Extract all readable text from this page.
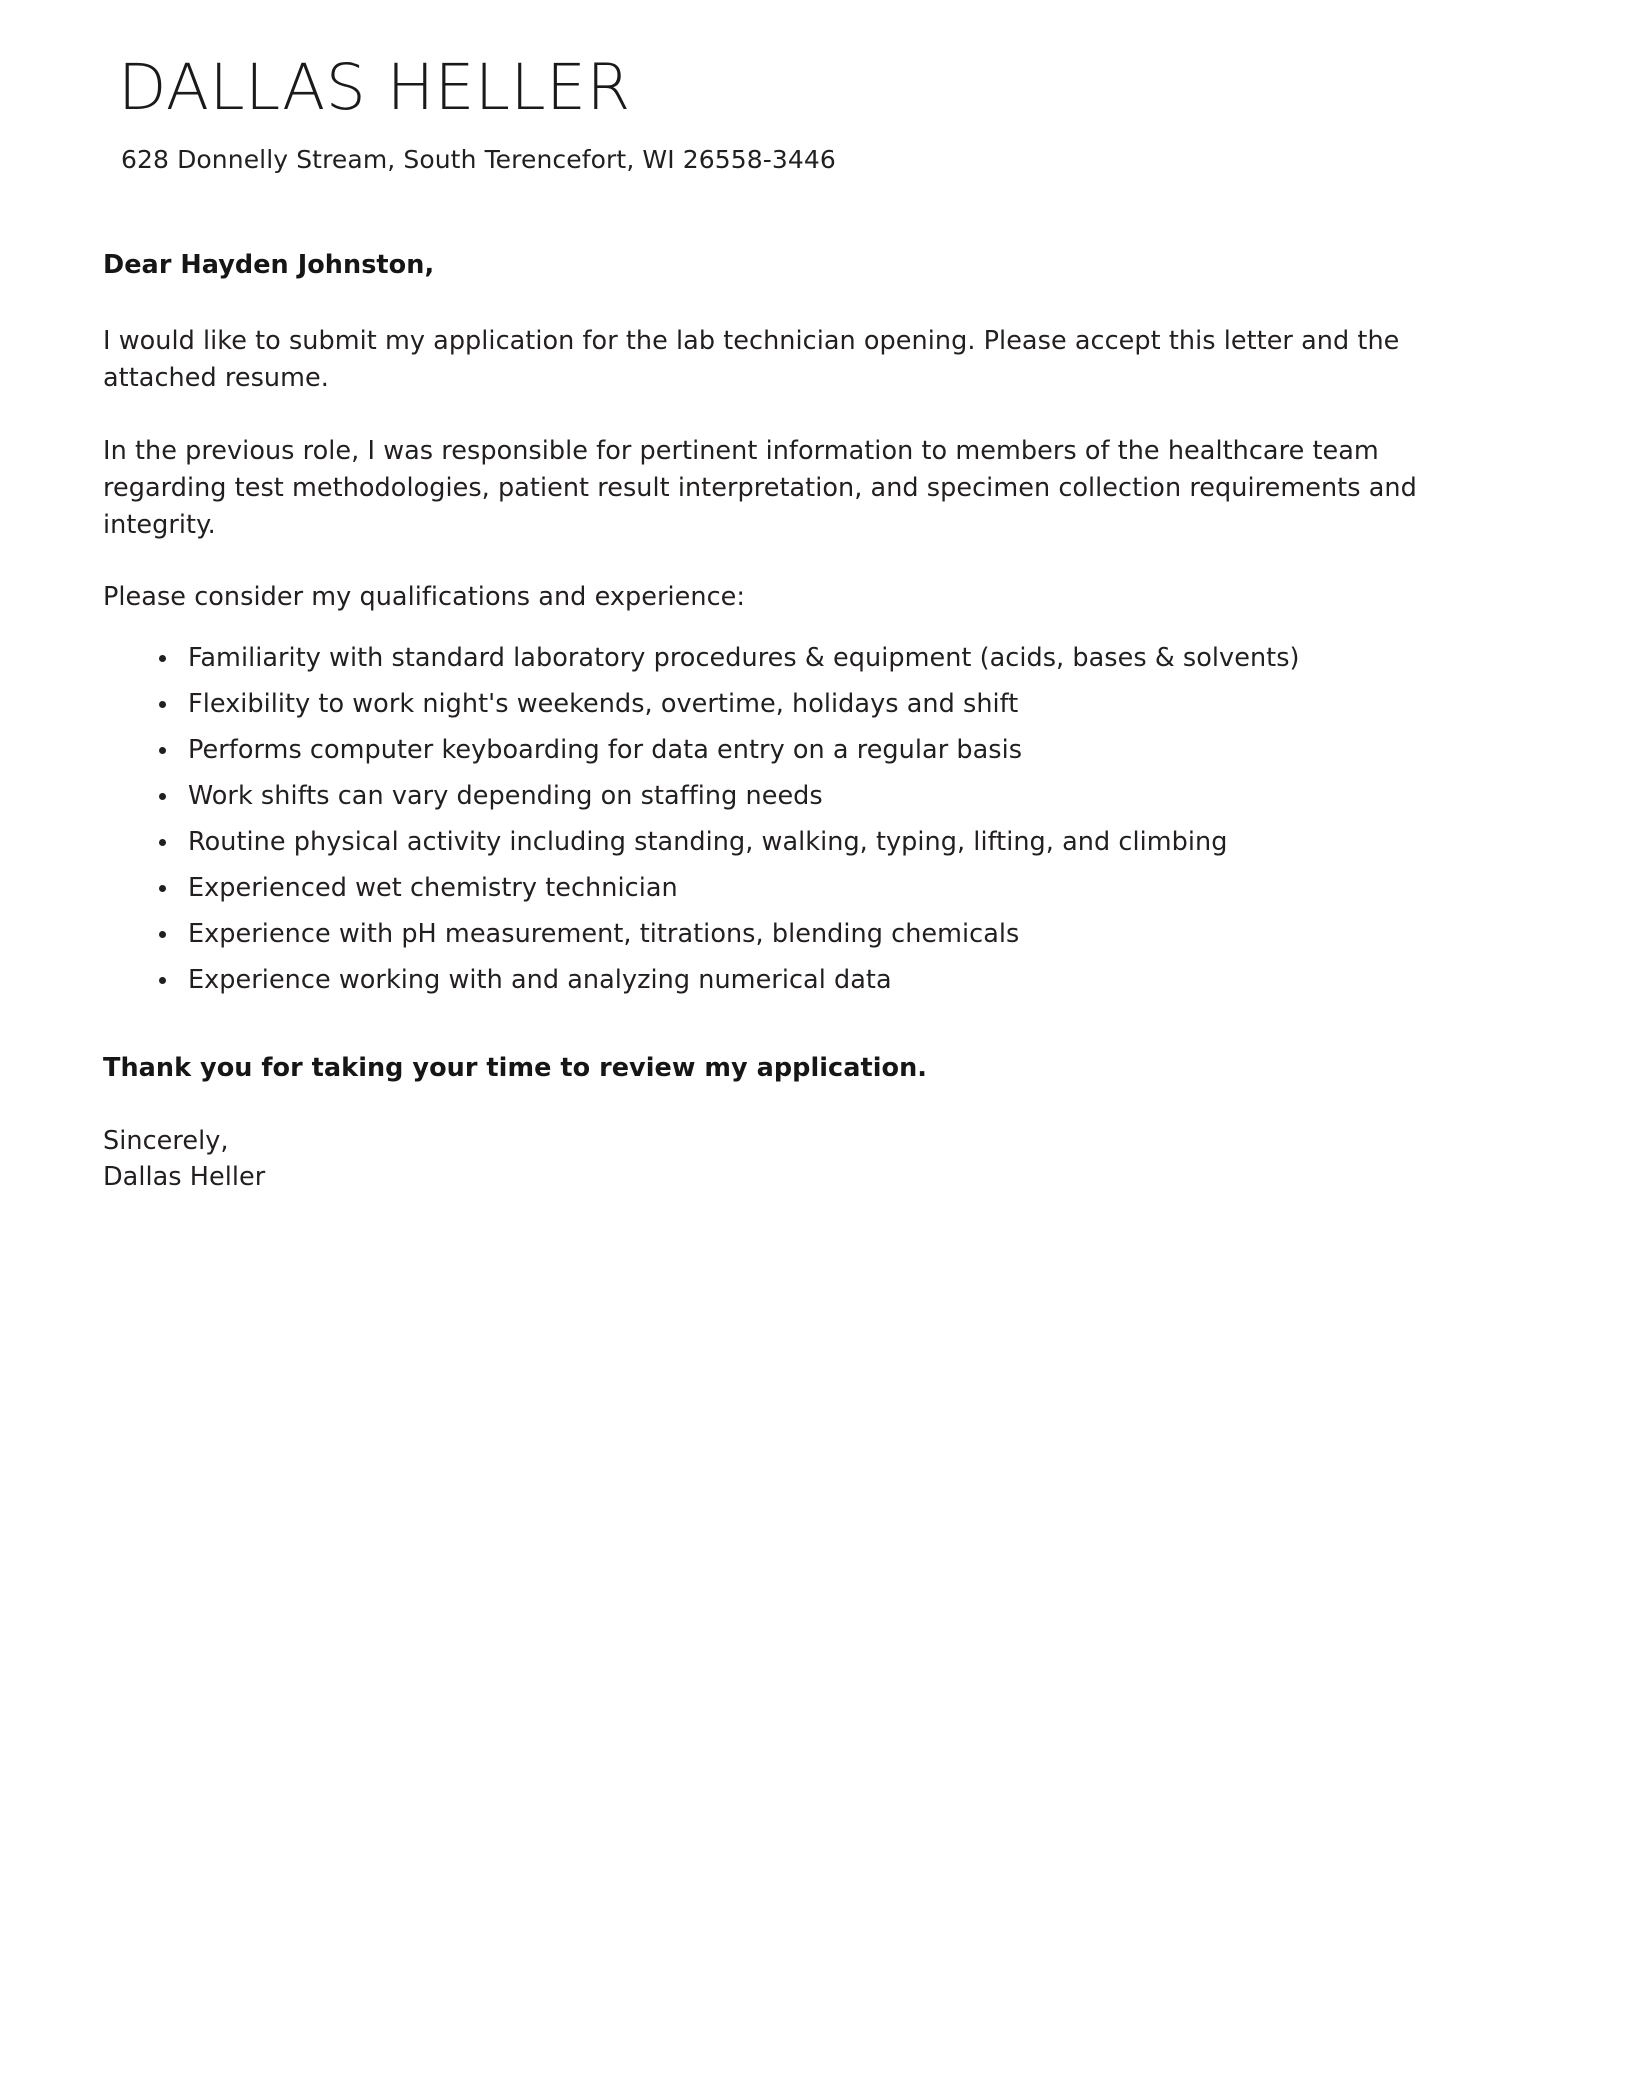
DALLAS HELLER

628 Donnelly Stream, South Terencefort, WI 26558-3446

Dear Hayden Johnston,

I would like to submit my application for the lab technician opening. Please accept this letter and the attached resume.

In the previous role, I was responsible for pertinent information to members of the healthcare team regarding test methodologies, patient result interpretation, and specimen collection requirements and integrity.

Please consider my qualifications and experience:

Familiarity with standard laboratory procedures & equipment (acids, bases & solvents)
Flexibility to work night's weekends, overtime, holidays and shift
Performs computer keyboarding for data entry on a regular basis
Work shifts can vary depending on staffing needs
Routine physical activity including standing, walking, typing, lifting, and climbing
Experienced wet chemistry technician
Experience with pH measurement, titrations, blending chemicals
Experience working with and analyzing numerical data

Thank you for taking your time to review my application.

Sincerely,
Dallas Heller
